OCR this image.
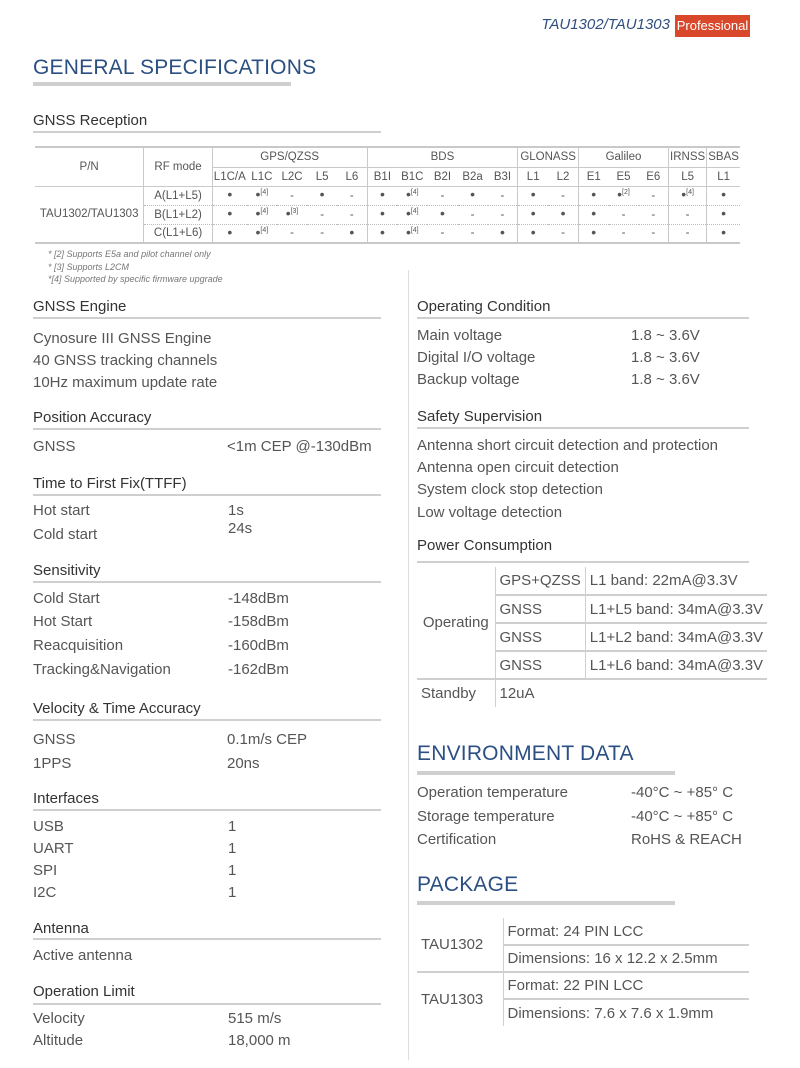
TAU1302/TAU1303 Professional
GENERAL SPECIFICATIONS
GNSS Reception
P/N	RF mode	GPS/QZSS					BDS					GLONASS		Galileo			IRNSS	SBAS
		L1C/A	L1C	L2C	L5	L6	B1I	B1C	B2I	B2a	B3I	L1	L2	E1	E5	E6	L5	L1
TAU1302/TAU1303	A(L1+L5)	•	•[4]	-	•	-	•	•[4]	-	•	-	•	-	•	•[2]	-	•[4]	•
	B(L1+L2)	•	•[4]	•[3]	-	-	•	•[4]	•	-	-	•	•	•	-	-	-	•
	C(L1+L6)	•	•[4]	-	-	•	•	•[4]	-	-	•	•	-	•	-	-	-	•
* [2] Supports E5a and pilot channel only
* [3] Supports L2CM
*[4] Supported by specific firmware upgrade
GNSS Engine
Cynosure III GNSS Engine
40 GNSS tracking channels
10Hz maximum update rate
Position Accuracy
GNSS	<1m CEP @-130dBm
Time to First Fix(TTFF)
Hot start	1s
Cold start	24s
Sensitivity
Cold Start	-148dBm
Hot Start	-158dBm
Reacquisition	-160dBm
Tracking&Navigation	-162dBm
Velocity & Time Accuracy
GNSS	0.1m/s CEP
1PPS	20ns
Interfaces
USB	1
UART	1
SPI	1
I2C	1
Antenna
Active antenna
Operation Limit
Velocity	515 m/s
Altitude	18,000 m
Operating Condition
Main voltage	1.8 ~ 3.6V
Digital I/O voltage	1.8 ~ 3.6V
Backup voltage	1.8 ~ 3.6V
Safety Supervision
Antenna short circuit detection and protection
Antenna open circuit detection
System clock stop detection
Low voltage detection
Power Consumption
Operating	GPS+QZSS	L1 band: 22mA@3.3V
	GNSS	L1+L5 band: 34mA@3.3V
	GNSS	L1+L2 band: 34mA@3.3V
	GNSS	L1+L6 band: 34mA@3.3V
Standby	12uA	
ENVIRONMENT DATA
Operation temperature	-40°C ~ +85° C
Storage temperature	-40°C ~ +85° C
Certification	RoHS & REACH
PACKAGE
TAU1302	Format: 24 PIN LCC
	Dimensions: 16 x 12.2 x 2.5mm
TAU1303	Format: 22 PIN LCC
	Dimensions: 7.6 x 7.6 x 1.9mm
